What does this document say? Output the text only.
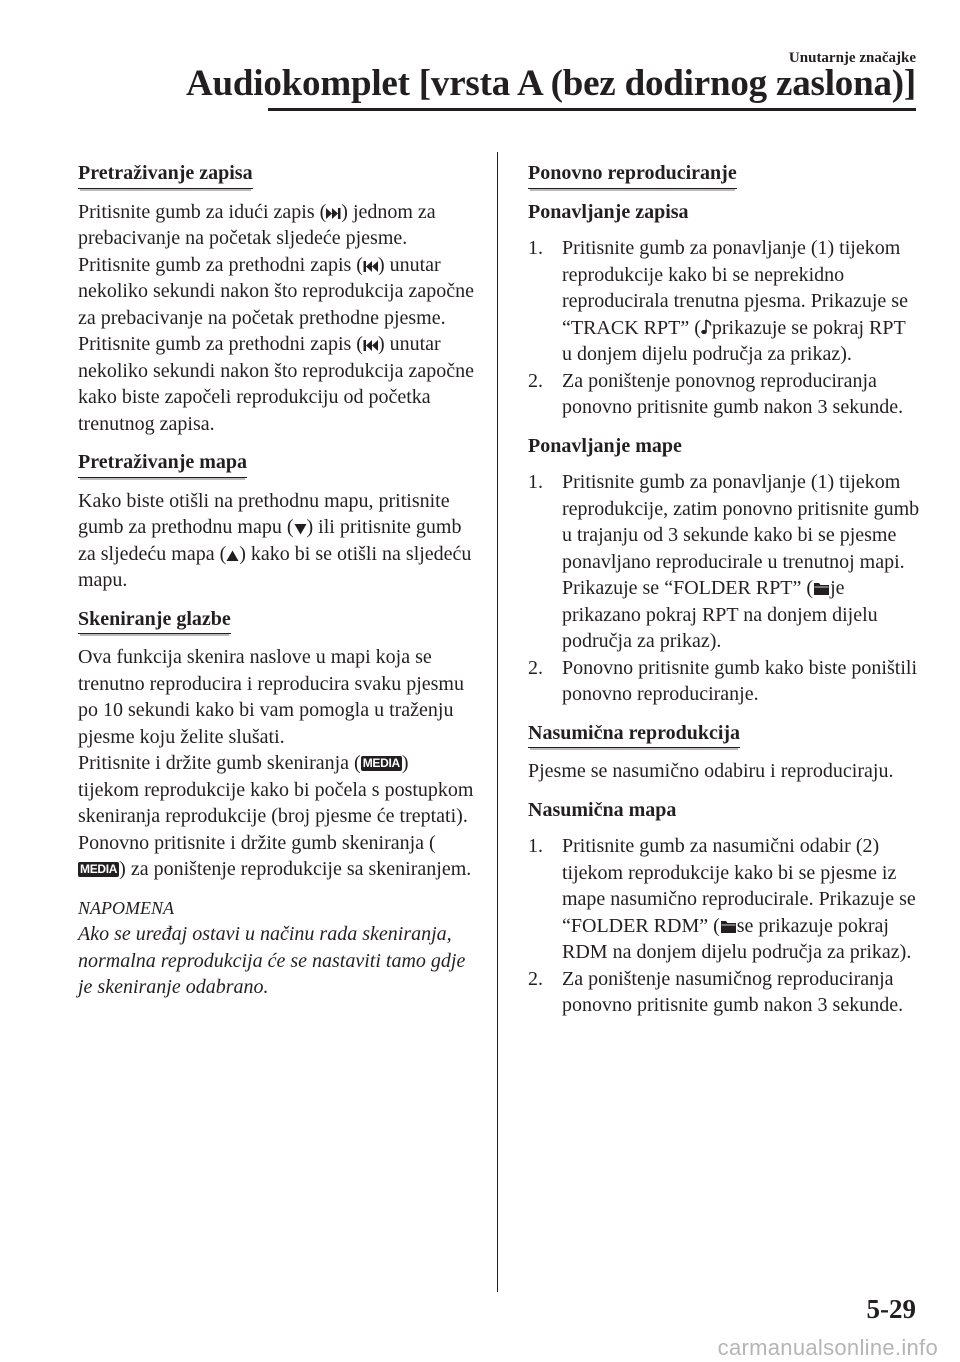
Unutarnje značajke
Audiokomplet [vrsta A (bez dodirnog zaslona)]
Pretraživanje zapisa

Pritisnite gumb za idući zapis ( ) jednom za prebacivanje na početak sljedeće pjesme.
Pritisnite gumb za prethodni zapis ( ) unutar nekoliko sekundi nakon što reprodukcija započne za prebacivanje na početak prethodne pjesme.
Pritisnite gumb za prethodni zapis ( ) unutar nekoliko sekundi nakon što reprodukcija započne kako biste započeli reprodukciju od početka trenutnog zapisa.

Pretraživanje mapa

Kako biste otišli na prethodnu mapu, pritisnite gumb za prethodnu mapu ( ) ili pritisnite gumb za sljedeću mapa ( ) kako bi se otišli na sljedeću mapu.

Skeniranje glazbe

Ova funkcija skenira naslove u mapi koja se trenutno reproducira i reproducira svaku pjesmu po 10 sekundi kako bi vam pomogla u traženju pjesme koju želite slušati.
Pritisnite i držite gumb skeniranja ( MEDIA ) tijekom reprodukcije kako bi počela s postupkom skeniranja reprodukcije (broj pjesme će treptati). Ponovno pritisnite i držite gumb skeniranja (MEDIA ) za poništenje reprodukcije sa skeniranjem.

NAPOMENA
Ako se uređaj ostavi u načinu rada skeniranja, normalna reprodukcija će se nastaviti tamo gdje je skeniranje odabrano.
Ponovno reproduciranje
Ponavljanje zapisa
1. Pritisnite gumb za ponavljanje (1) tijekom reprodukcije kako bi se neprekidno reproducirala trenutna pjesma. Prikazuje se “TRACK RPT” ( prikazuje se pokraj RPT u donjem dijelu područja za prikaz).
2. Za poništenje ponovnog reproduciranja ponovno pritisnite gumb nakon 3 sekunde.
Ponavljanje mape
1. Pritisnite gumb za ponavljanje (1) tijekom reprodukcije, zatim ponovno pritisnite gumb u trajanju od 3 sekunde kako bi se pjesme ponavljano reproducirale u trenutnoj mapi. Prikazuje se “FOLDER RPT” ( je prikazano pokraj RPT na donjem dijelu područja za prikaz).
2. Ponovno pritisnite gumb kako biste poništili ponovno reproduciranje.
Nasumična reprodukcija

Pjesme se nasumično odabiru i reproduciraju.

Nasumična mapa
1. Pritisnite gumb za nasumični odabir (2) tijekom reprodukcije kako bi se pjesme iz mape nasumično reproducirale. Prikazuje se “FOLDER RDM” ( se prikazuje pokraj RDM na donjem dijelu područja za prikaz).
2. Za poništenje nasumičnog reproduciranja ponovno pritisnite gumb nakon 3 sekunde.
5-29
carmanualsonline.info
